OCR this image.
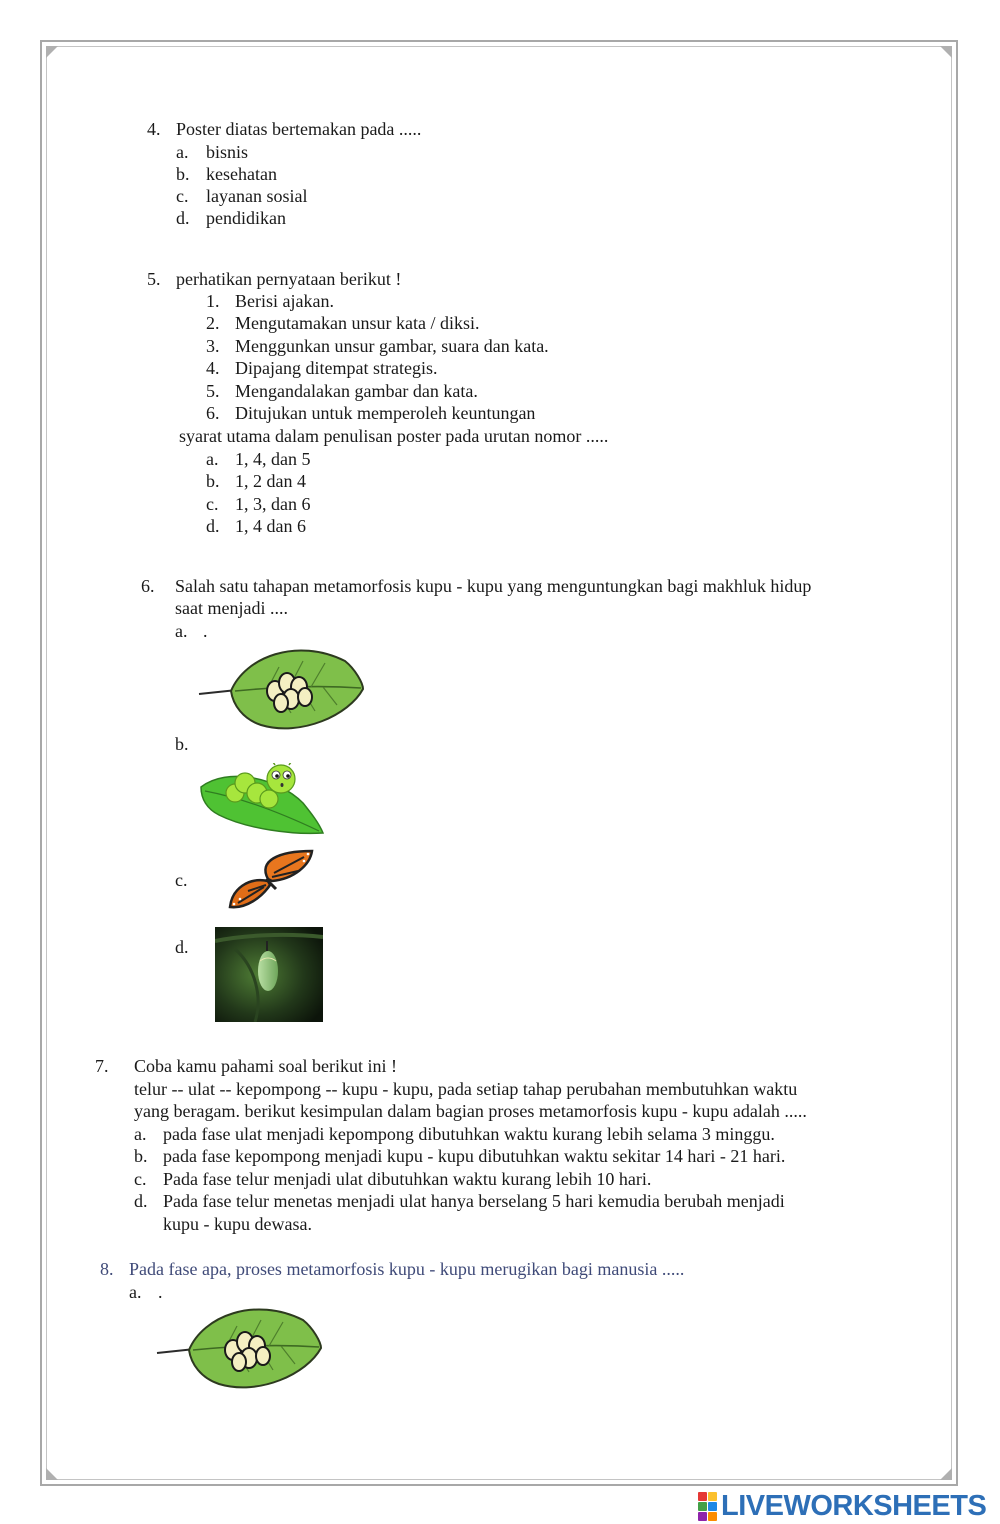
4. Poster diatas bertemakan pada .....
a. bisnis
b. kesehatan
c. layanan sosial
d. pendidikan
5. perhatikan pernyataan berikut !
1. Berisi ajakan.
2. Mengutamakan unsur kata / diksi.
3. Menggunkan unsur gambar, suara dan kata.
4. Dipajang ditempat strategis.
5. Mengandalakan gambar dan kata.
6. Ditujukan untuk memperoleh keuntungan
syarat utama dalam penulisan poster pada urutan nomor .....
a. 1, 4, dan 5
b. 1, 2 dan 4
c. 1, 3, dan 6
d. 1, 4 dan 6
6. Salah satu tahapan metamorfosis kupu - kupu yang menguntungkan bagi makhluk hidup
saat menjadi ....
a. .
b.
c.
d.
7. Coba kamu pahami soal berikut ini !
telur -- ulat -- kepompong -- kupu - kupu, pada setiap tahap perubahan membutuhkan waktu
yang beragam. berikut kesimpulan dalam bagian proses metamorfosis kupu - kupu adalah .....
a. pada fase ulat menjadi kepompong dibutuhkan waktu kurang lebih selama 3 minggu.
b. pada fase kepompong menjadi kupu - kupu dibutuhkan waktu sekitar 14 hari - 21 hari.
c. Pada fase telur menjadi ulat dibutuhkan waktu kurang lebih 10 hari.
d. Pada fase telur menetas menjadi ulat hanya berselang 5 hari kemudia berubah menjadi
kupu - kupu dewasa.
8. Pada fase apa, proses metamorfosis kupu - kupu merugikan bagi manusia .....
a. .
LIVEWORKSHEETS
